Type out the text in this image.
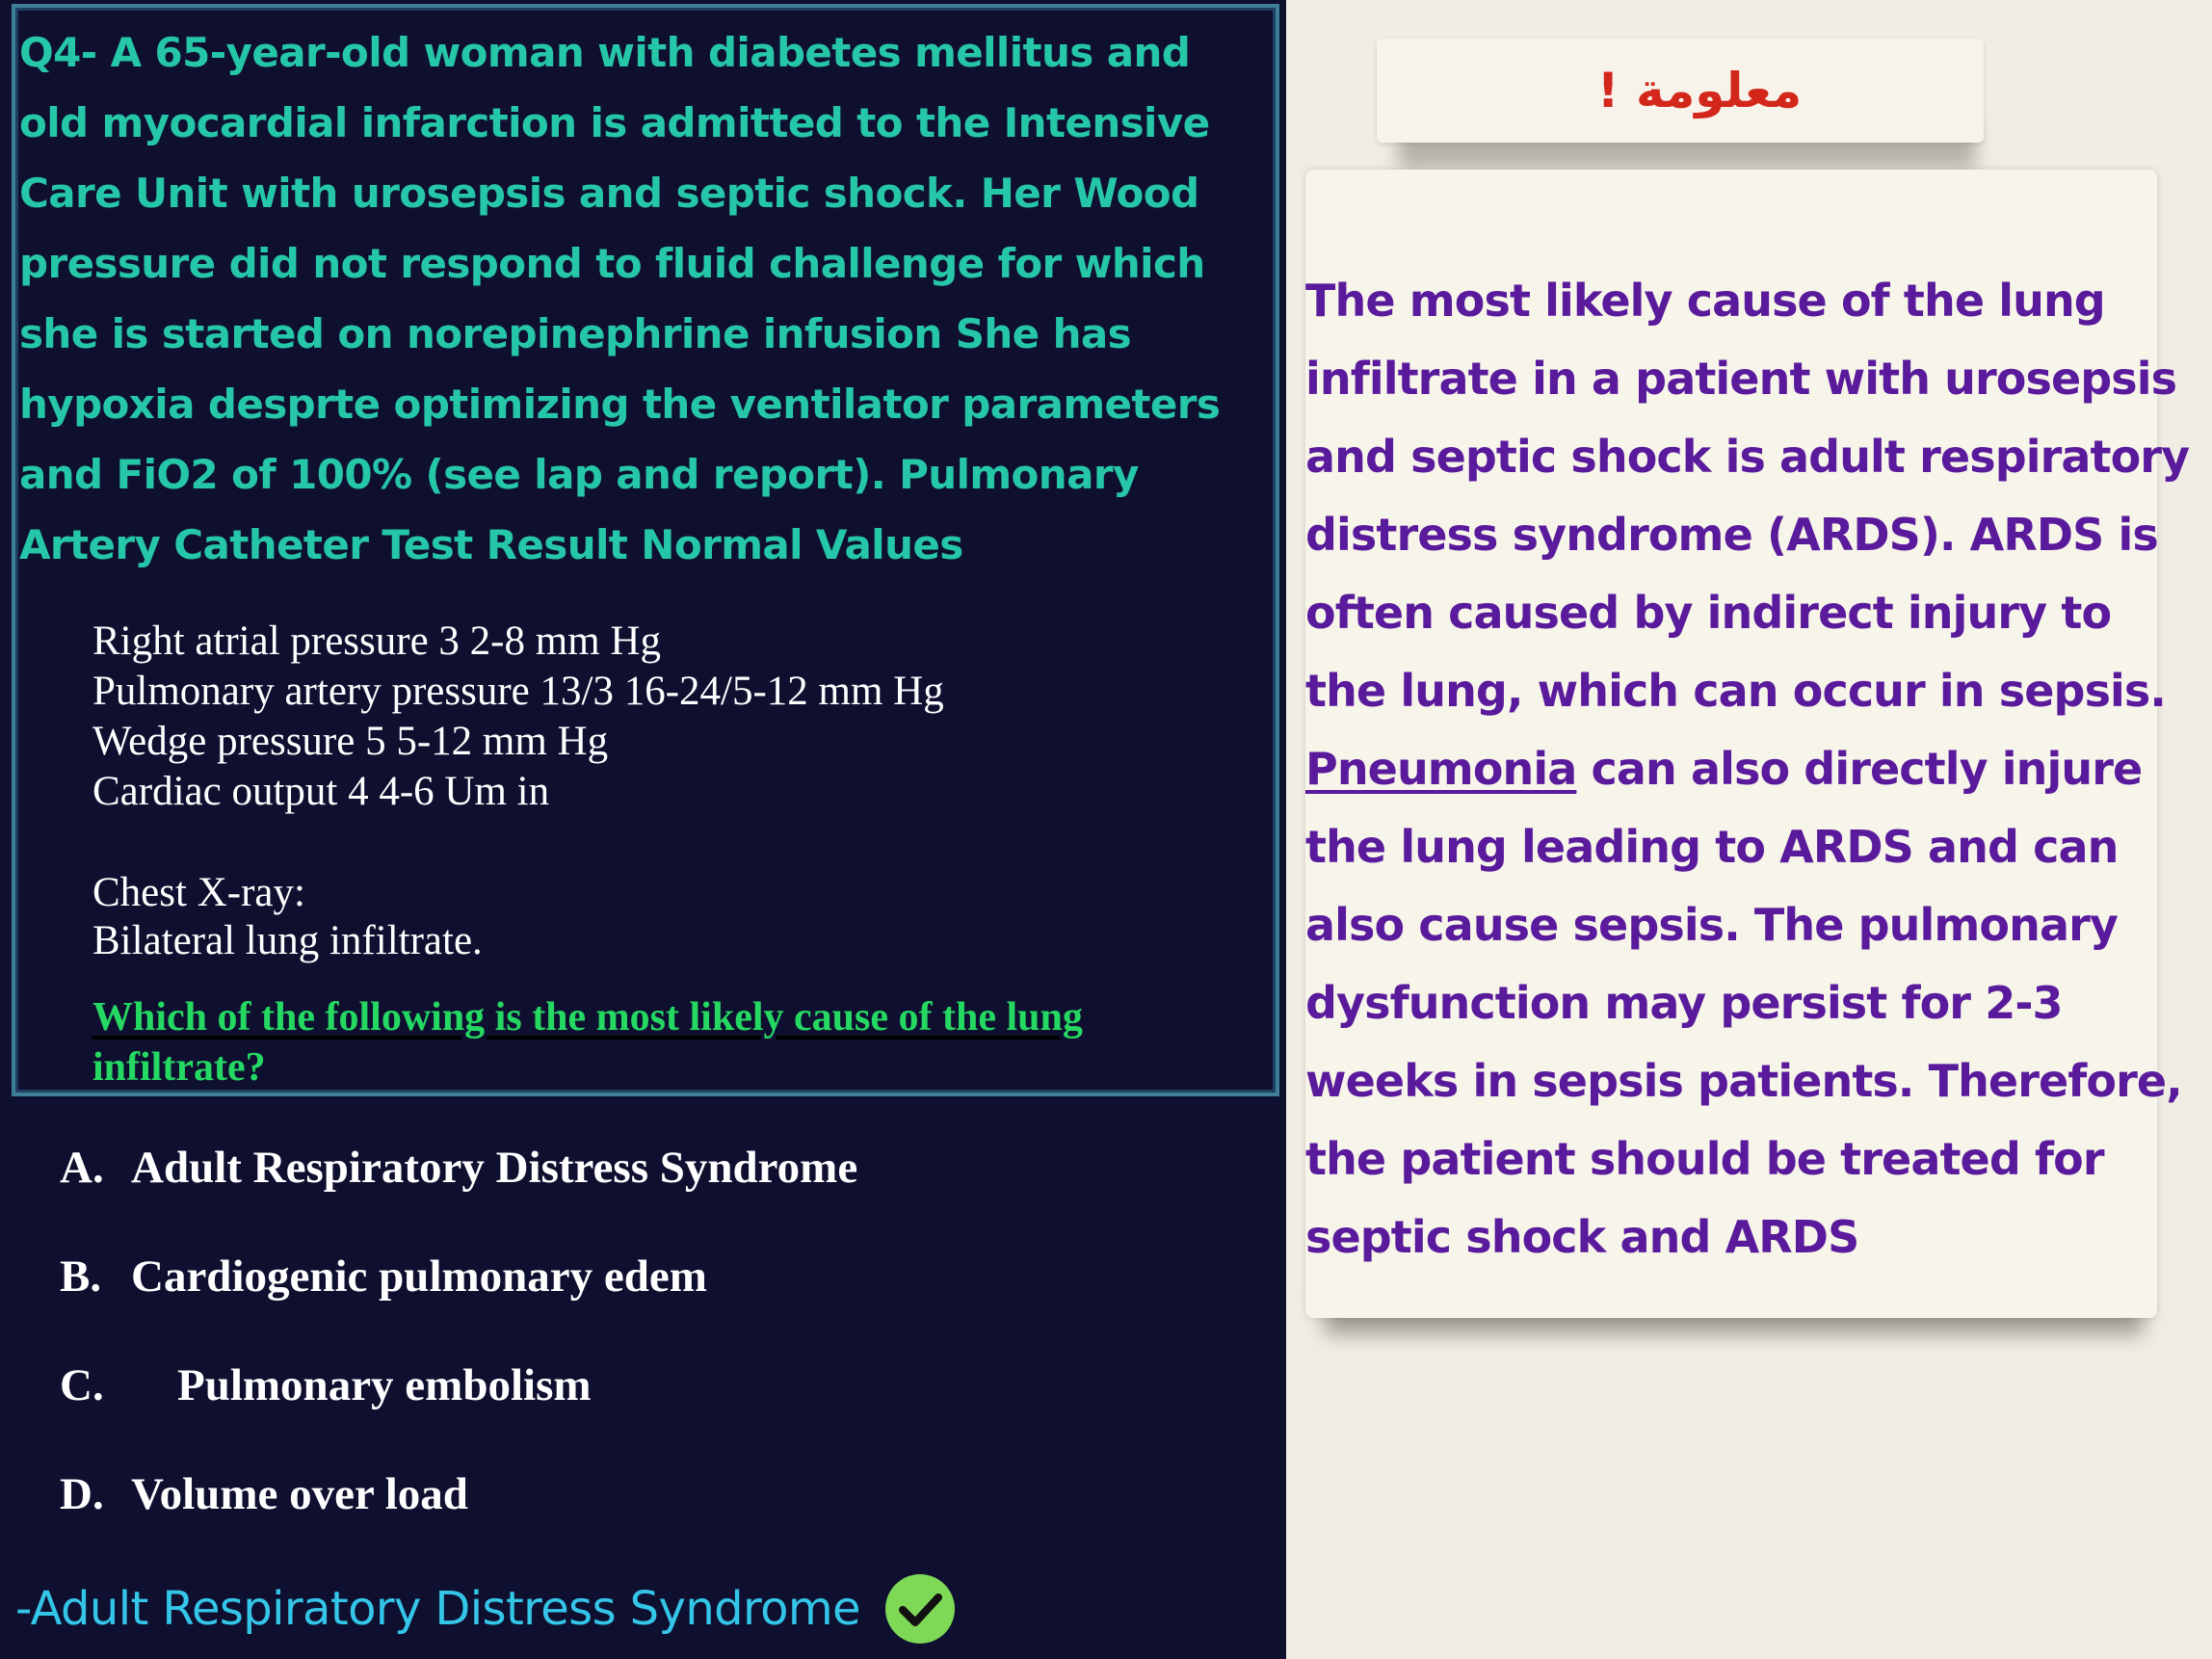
Q4- A 65-year-old woman with diabetes mellitus and old myocardial infarction is admitted to the Intensive Care Unit with urosepsis and septic shock. Her Wood pressure did not respond to fluid challenge for which she is started on norepinephrine infusion She has hypoxia desprte optimizing the ventilator parameters and FiO2 of 100% (see lap and report). Pulmonary Artery Catheter Test Result Normal Values

Right atrial pressure 3 2-8 mm Hg
Pulmonary artery pressure 13/3 16-24/5-12 mm Hg
Wedge pressure 5 5-12 mm Hg
Cardiac output 4 4-6 Um in
Chest X-ray:
Bilateral lung infiltrate.

Which of the following is the most likely cause of the lung
infiltrate?

A. Adult Respiratory Distress Syndrome
B. Cardiogenic pulmonary edem
C. Pulmonary embolism
D. Volume over load
-Adult Respiratory Distress Syndrome
معلومة !

The most likely cause of the lung infiltrate in a patient with urosepsis and septic shock is adult respiratory distress syndrome (ARDS). ARDS is often caused by indirect injury to the lung, which can occur in sepsis. Pneumonia can also directly injure the lung leading to ARDS and can also cause sepsis. The pulmonary dysfunction may persist for 2-3 weeks in sepsis patients. Therefore, the patient should be treated for septic shock and ARDS
